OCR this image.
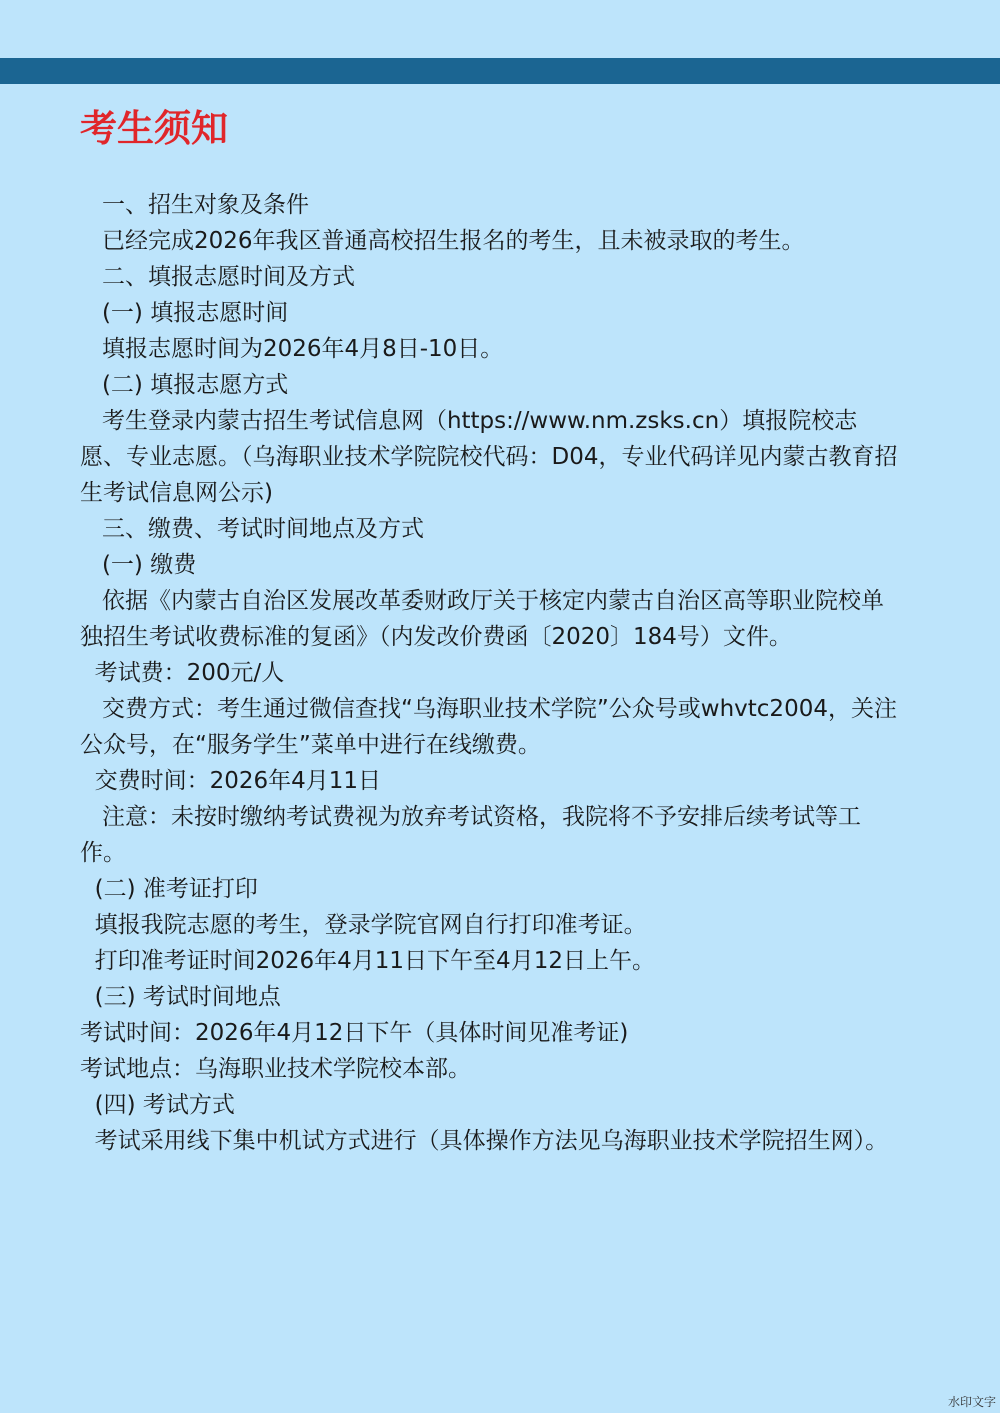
考生须知

一、招生对象及条件

已经完成2026年我区普通高校招生报名的考生，且未被录取的考生。

二、填报志愿时间及方式

(一) 填报志愿时间

填报志愿时间为2026年4月8日-10日。

(二) 填报志愿方式

考生登录内蒙古招生考试信息网（https://www.nm.zsks.cn）填报院校志愿、专业志愿。（乌海职业技术学院院校代码：D04，专业代码详见内蒙古教育招生考试信息网公示)

三、缴费、考试时间地点及方式

(一) 缴费

依据《内蒙古自治区发展改革委财政厅关于核定内蒙古自治区高等职业院校单独招生考试收费标准的复函》（内发改价费函〔2020〕184号）文件。

考试费：200元/人

交费方式：考生通过微信查找“乌海职业技术学院”公众号或whvtc2004，关注公众号，在“服务学生”菜单中进行在线缴费。

交费时间：2026年4月11日

注意：未按时缴纳考试费视为放弃考试资格，我院将不予安排后续考试等工作。

(二) 准考证打印

填报我院志愿的考生，登录学院官网自行打印准考证。

打印准考证时间2026年4月11日下午至4月12日上午。

(三) 考试时间地点

考试时间：2026年4月12日下午（具体时间见准考证)

考试地点：乌海职业技术学院校本部。

(四) 考试方式

考试采用线下集中机试方式进行（具体操作方法见乌海职业技术学院招生网）。

水印文字
